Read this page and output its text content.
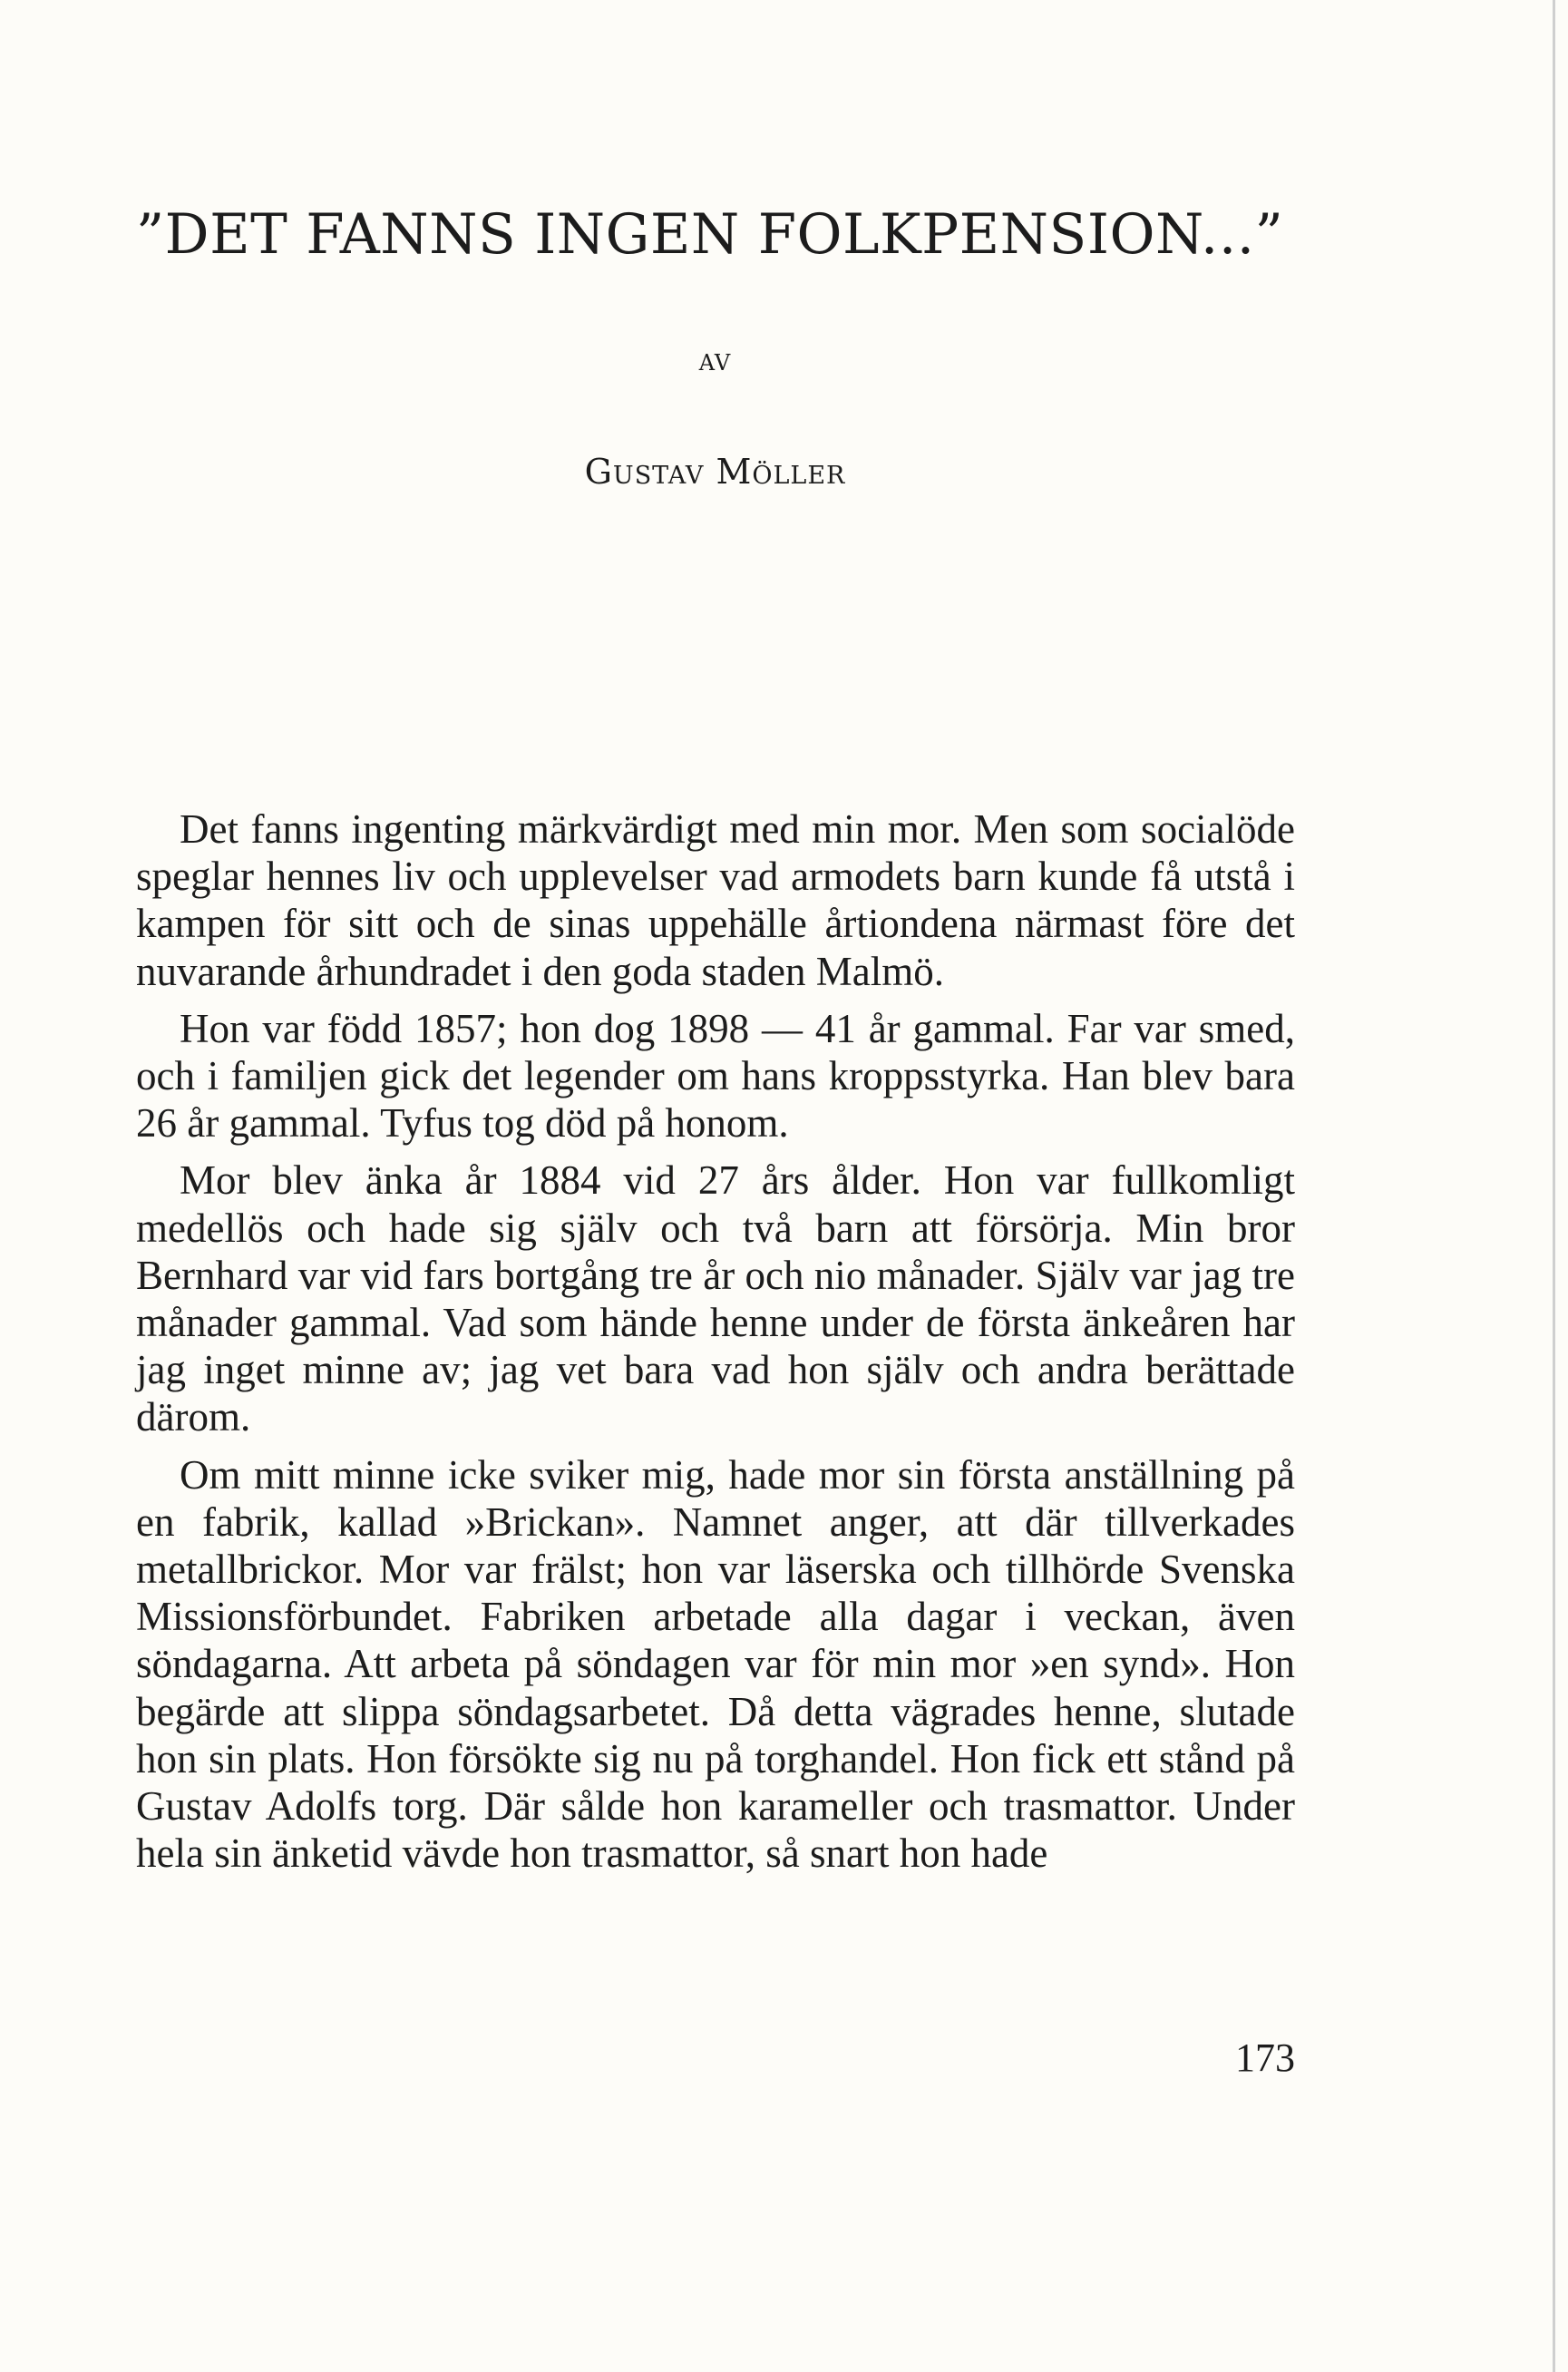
”DET FANNS INGEN FOLKPENSION...”
AV
Gustav Möller

Det fanns ingenting märkvärdigt med min mor. Men som socialöde speglar hennes liv och upplevelser vad armodets barn kunde få utstå i kampen för sitt och de sinas uppehälle årtiondena närmast före det nuvarande århundradet i den goda staden Malmö.

Hon var född 1857; hon dog 1898 — 41 år gammal. Far var smed, och i familjen gick det legender om hans kroppsstyrka. Han blev bara 26 år gammal. Tyfus tog död på honom.

Mor blev änka år 1884 vid 27 års ålder. Hon var fullkomligt medellös och hade sig själv och två barn att försörja. Min bror Bernhard var vid fars bortgång tre år och nio månader. Själv var jag tre månader gammal. Vad som hände henne under de första änkeåren har jag inget minne av; jag vet bara vad hon själv och andra berättade därom.

Om mitt minne icke sviker mig, hade mor sin första anställning på en fabrik, kallad »Brickan». Namnet anger, att där tillverkades metallbrickor. Mor var frälst; hon var läserska och tillhörde Svenska Missionsförbundet. Fabriken arbetade alla dagar i veckan, även söndagarna. Att arbeta på söndagen var för min mor »en synd». Hon begärde att slippa söndagsarbetet. Då detta vägrades henne, slutade hon sin plats. Hon försökte sig nu på torghandel. Hon fick ett stånd på Gustav Adolfs torg. Där sålde hon karameller och trasmattor. Under hela sin änketid vävde hon trasmattor, så snart hon hade

173
